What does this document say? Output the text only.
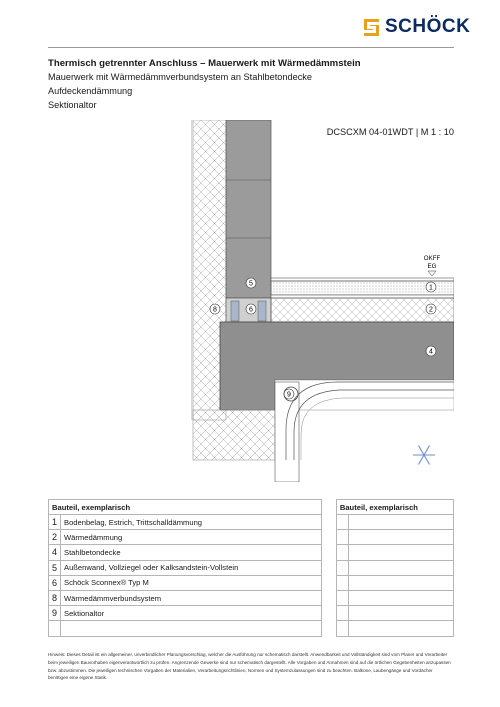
SCHÖCK
Thermisch getrennter Anschluss – Mauerwerk mit Wärmedämmstein
Mauerwerk mit Wärmedämmverbundsystem an Stahlbetondecke
Aufdeckendämmung
Sektionaltor
DCSCXM 04-01WDT | M 1 : 10
OKFF
EG
5
1
8	6	2
4
9
Bauteil, exemplarisch			Bauteil, exemplarisch	
1	Bodenbelag, Estrich, Trittschalldämmung			
2	Wärmedämmung			
4	Stahlbetondecke			
5	Außenwand, Vollziegel oder Kalksandstein-Vollstein			
6	Schöck Sconnex® Typ M			
8	Wärmedämmverbundsystem			
9	Sektionaltor			

Hinweis: Dieses Detail ist ein allgemeiner, unverbindlicher Planungsvorschlag, welcher die Ausführung nur schematisch darstellt. Anwendbarkeit und Vollständigkeit sind vom Planer und Verarbeiter beim jeweiligen Bauvorhaben eigenverantwortlich zu prüfen. Angrenzende Gewerke sind nur schematisch dargestellt. Alle Vorgaben und Annahmen sind auf die örtlichen Gegebenheiten anzupassen bzw. abzustimmen. Die jeweiligen technischen Vorgaben der Materialien, Verarbeitungsrichtlinien, Normen und Systemzulassungen sind zu beachten. Balkone, Laubengänge und Vordächer benötigen eine eigene Statik.
